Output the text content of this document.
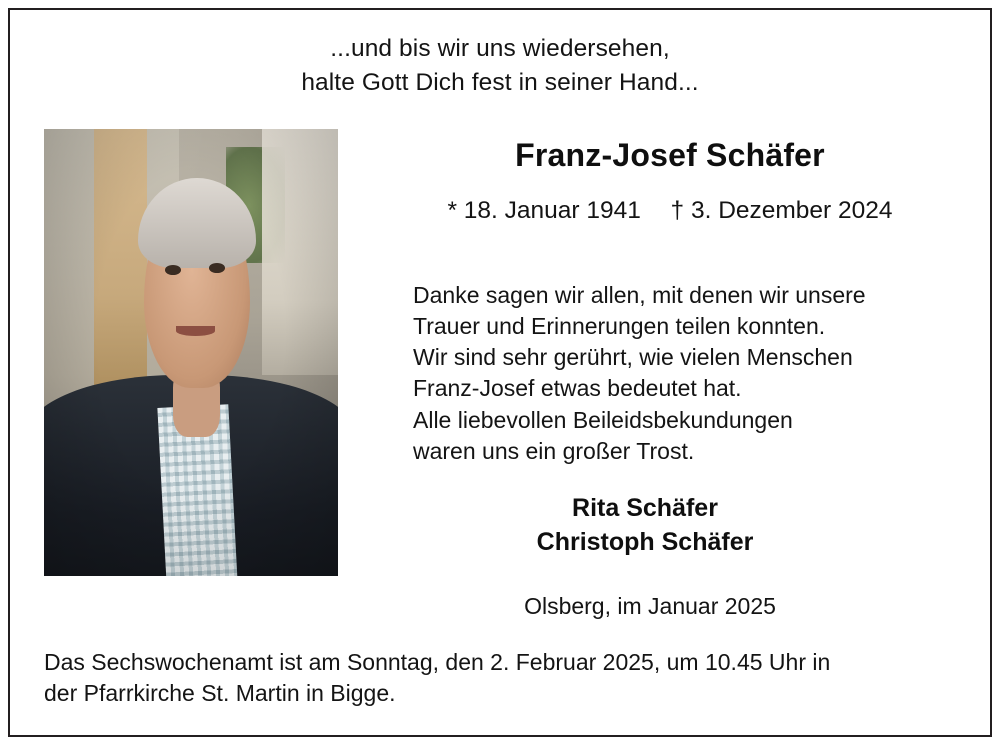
...und bis wir uns wiedersehen,
halte Gott Dich fest in seiner Hand...
Franz-Josef Schäfer
* 18. Januar 1941 † 3. Dezember 2024
Danke sagen wir allen, mit denen wir unsere
Trauer und Erinnerungen teilen konnten.
Wir sind sehr gerührt, wie vielen Menschen
Franz-Josef etwas bedeutet hat.
Alle liebevollen Beileidsbekundungen
waren uns ein großer Trost.
Rita Schäfer
Christoph Schäfer
Olsberg, im Januar 2025
Das Sechswochenamt ist am Sonntag, den 2. Februar 2025, um 10.45 Uhr in
der Pfarrkirche St. Martin in Bigge.
